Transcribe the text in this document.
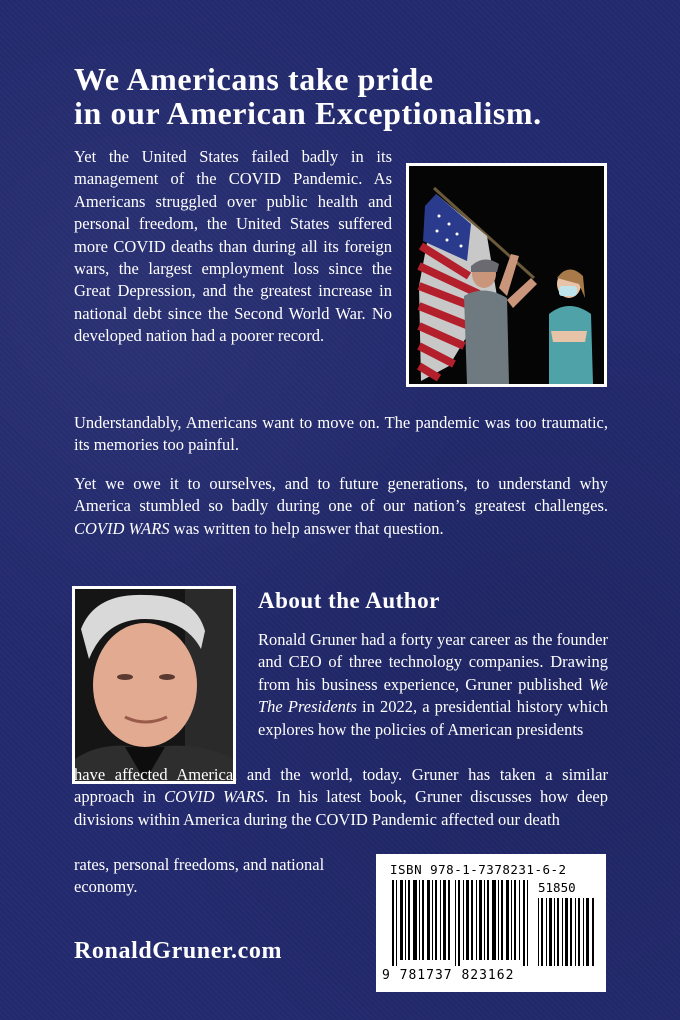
We Americans take pride
in our American Exceptionalism.

Yet the United States failed badly in its management of the COVID Pandemic. As Americans struggled over public health and personal freedom, the United States suffered more COVID deaths than during all its foreign wars, the largest employment loss since the Great Depression, and the greatest increase in national debt since the Second World War. No developed nation had a poorer record.

Understandably, Americans want to move on. The pandemic was too traumatic, its memories too painful.

Yet we owe it to ourselves, and to future generations, to understand why America stumbled so badly during one of our nation’s greatest challenges. COVID WARS was written to help answer that question.

About the Author

Ronald Gruner had a forty year career as the founder and CEO of three technology companies. Drawing from his business experience, Gruner published We The Presidents in 2022, a presidential history which explores how the policies of American presidents

have affected America, and the world, today. Gruner has taken a similar approach in COVID WARS. In his latest book, Gruner discusses how deep divisions within America during the COVID Pandemic affected our death

rates, personal freedoms, and national economy.

RonaldGruner.com

ISBN 978-1-7378231-6-2

51850

9 781737 823162
